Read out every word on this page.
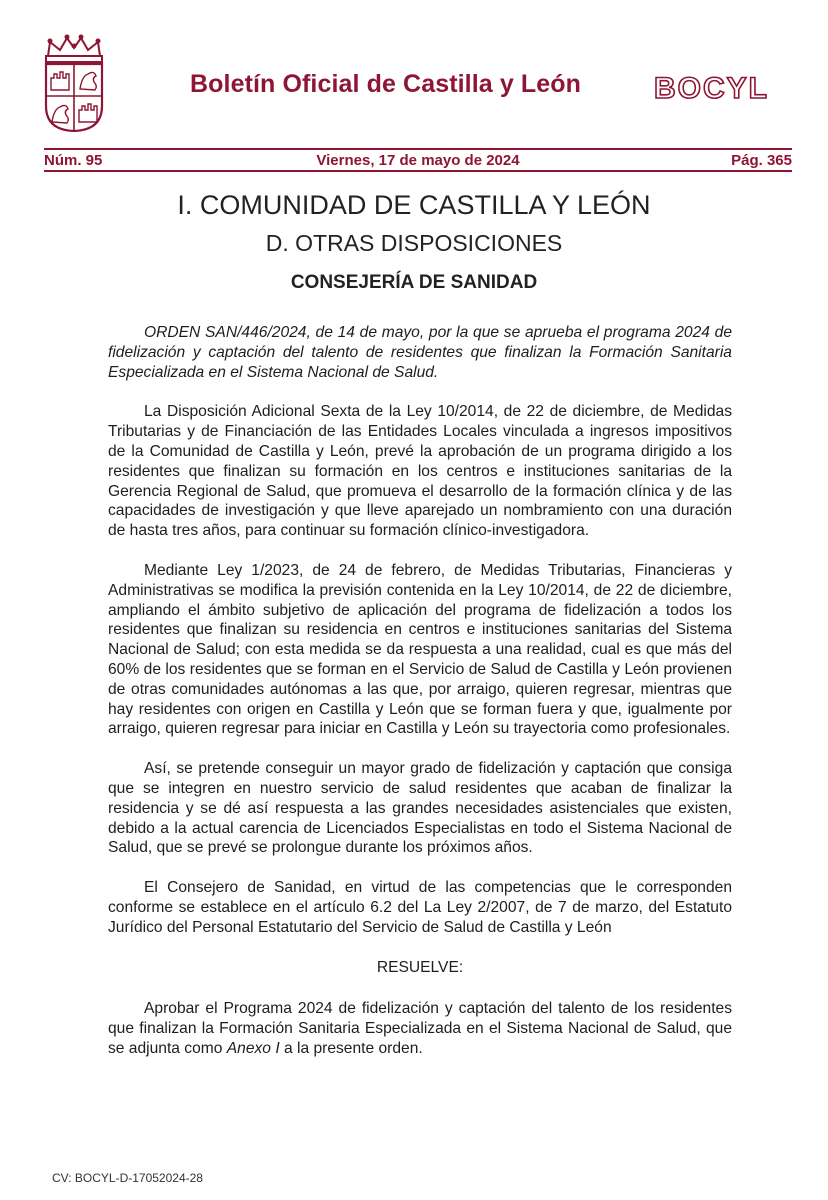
Boletín Oficial de Castilla y León BOCYL
Núm. 95	Viernes, 17 de mayo de 2024	Pág. 365
I. COMUNIDAD DE CASTILLA Y LEÓN
D. OTRAS DISPOSICIONES
CONSEJERÍA DE SANIDAD

ORDEN SAN/446/2024, de 14 de mayo, por la que se aprueba el programa 2024 de fidelización y captación del talento de residentes que finalizan la Formación Sanitaria Especializada en el Sistema Nacional de Salud.

La Disposición Adicional Sexta de la Ley 10/2014, de 22 de diciembre, de Medidas Tributarias y de Financiación de las Entidades Locales vinculada a ingresos impositivos de la Comunidad de Castilla y León, prevé la aprobación de un programa dirigido a los residentes que finalizan su formación en los centros e instituciones sanitarias de la Gerencia Regional de Salud, que promueva el desarrollo de la formación clínica y de las capacidades de investigación y que lleve aparejado un nombramiento con una duración de hasta tres años, para continuar su formación clínico-investigadora.

Mediante Ley 1/2023, de 24 de febrero, de Medidas Tributarias, Financieras y Administrativas se modifica la previsión contenida en la Ley 10/2014, de 22 de diciembre, ampliando el ámbito subjetivo de aplicación del programa de fidelización a todos los residentes que finalizan su residencia en centros e instituciones sanitarias del Sistema Nacional de Salud; con esta medida se da respuesta a una realidad, cual es que más del 60% de los residentes que se forman en el Servicio de Salud de Castilla y León provienen de otras comunidades autónomas a las que, por arraigo, quieren regresar, mientras que hay residentes con origen en Castilla y León que se forman fuera y que, igualmente por arraigo, quieren regresar para iniciar en Castilla y León su trayectoria como profesionales.

Así, se pretende conseguir un mayor grado de fidelización y captación que consiga que se integren en nuestro servicio de salud residentes que acaban de finalizar la residencia y se dé así respuesta a las grandes necesidades asistenciales que existen, debido a la actual carencia de Licenciados Especialistas en todo el Sistema Nacional de Salud, que se prevé se prolongue durante los próximos años.

El Consejero de Sanidad, en virtud de las competencias que le corresponden conforme se establece en el artículo 6.2 del La Ley 2/2007, de 7 de marzo, del Estatuto Jurídico del Personal Estatutario del Servicio de Salud de Castilla y León

RESUELVE:

Aprobar el Programa 2024 de fidelización y captación del talento de los residentes que finalizan la Formación Sanitaria Especializada en el Sistema Nacional de Salud, que se adjunta como Anexo I a la presente orden.

CV: BOCYL-D-17052024-28
